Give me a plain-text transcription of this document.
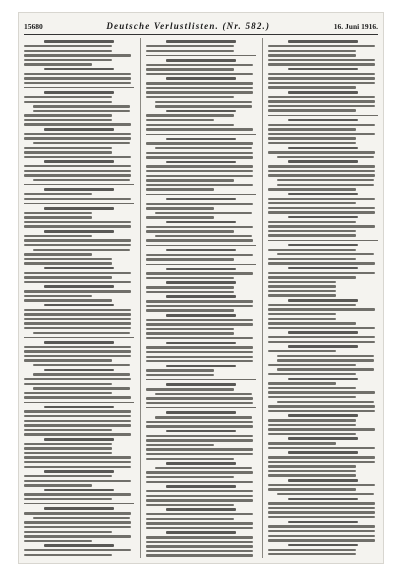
15680	Deutsche Verlustlisten. (Nr. 582.)	16. Juni 1916.
